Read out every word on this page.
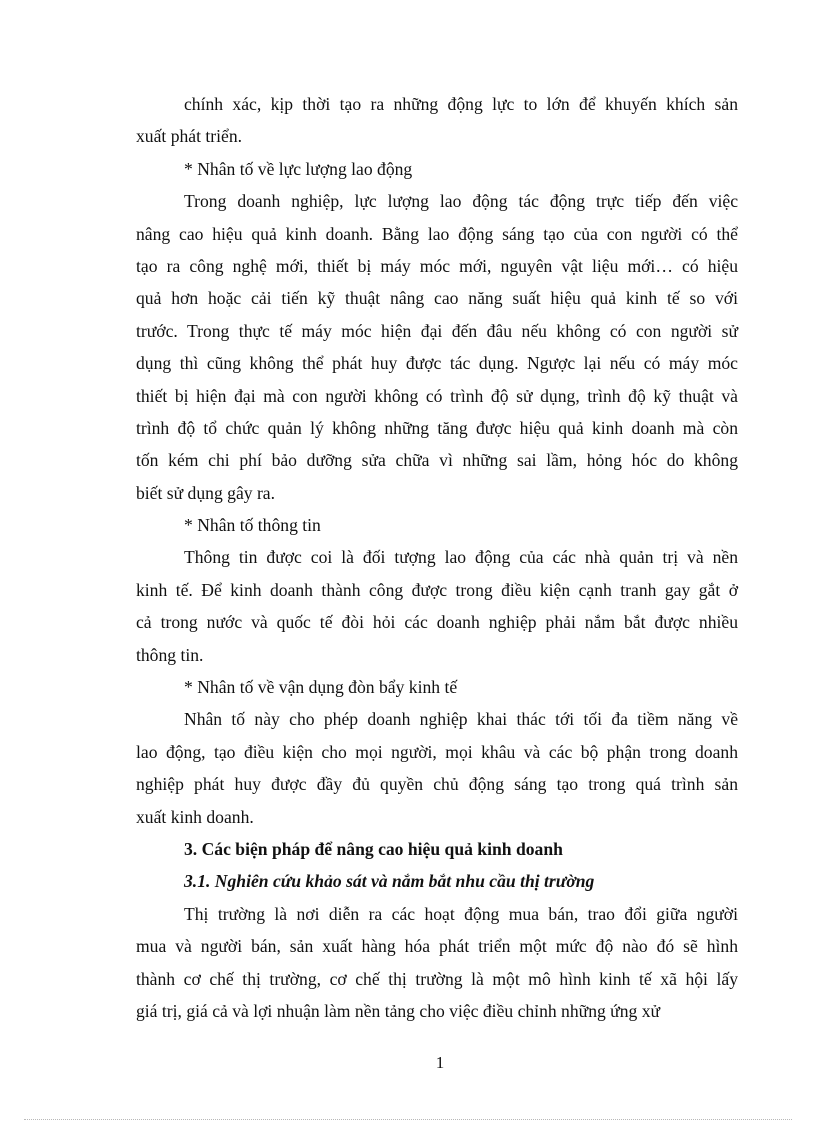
chính xác, kịp thời tạo ra những động lực to lớn để khuyến khích sản
xuất phát triển.
* Nhân tố về lực lượng lao động
Trong doanh nghiệp, lực lượng lao động tác động trực tiếp đến việc
nâng cao hiệu quả kinh doanh. Bằng lao động sáng tạo của con người có thể
tạo ra công nghệ mới, thiết bị máy móc mới, nguyên vật liệu mới… có hiệu
quả hơn hoặc cải tiến kỹ thuật nâng cao năng suất hiệu quả kinh tế so với
trước. Trong thực tế máy móc hiện đại đến đâu nếu không có con người sử
dụng thì cũng không thể phát huy được tác dụng. Ngược lại nếu có máy móc
thiết bị hiện đại mà con người không có trình độ sử dụng, trình độ kỹ thuật và
trình độ tổ chức quản lý không những tăng được hiệu quả kinh doanh mà còn
tốn kém chi phí bảo dưỡng sửa chữa vì những sai lầm, hỏng hóc do không
biết sử dụng gây ra.
* Nhân tố thông tin
Thông tin được coi là đối tượng lao động của các nhà quản trị và nền
kinh tế. Để kinh doanh thành công được trong điều kiện cạnh tranh gay gắt ở
cả trong nước và quốc tế đòi hỏi các doanh nghiệp phải nắm bắt được nhiều
thông tin.
* Nhân tố về vận dụng đòn bẩy kinh tế
Nhân tố này cho phép doanh nghiệp khai thác tới tối đa tiềm năng về
lao động, tạo điều kiện cho mọi người, mọi khâu và các bộ phận trong doanh
nghiệp phát huy được đầy đủ quyền chủ động sáng tạo trong quá trình sản
xuất kinh doanh.
3. Các biện pháp để nâng cao hiệu quả kinh doanh
3.1. Nghiên cứu khảo sát và nắm bắt nhu cầu thị trường
Thị trường là nơi diễn ra các hoạt động mua bán, trao đổi giữa người
mua và người bán, sản xuất hàng hóa phát triển một mức độ nào đó sẽ hình
thành cơ chế thị trường, cơ chế thị trường là một mô hình kinh tế xã hội lấy
giá trị, giá cả và lợi nhuận làm nền tảng cho việc điều chỉnh những ứng xử
1
